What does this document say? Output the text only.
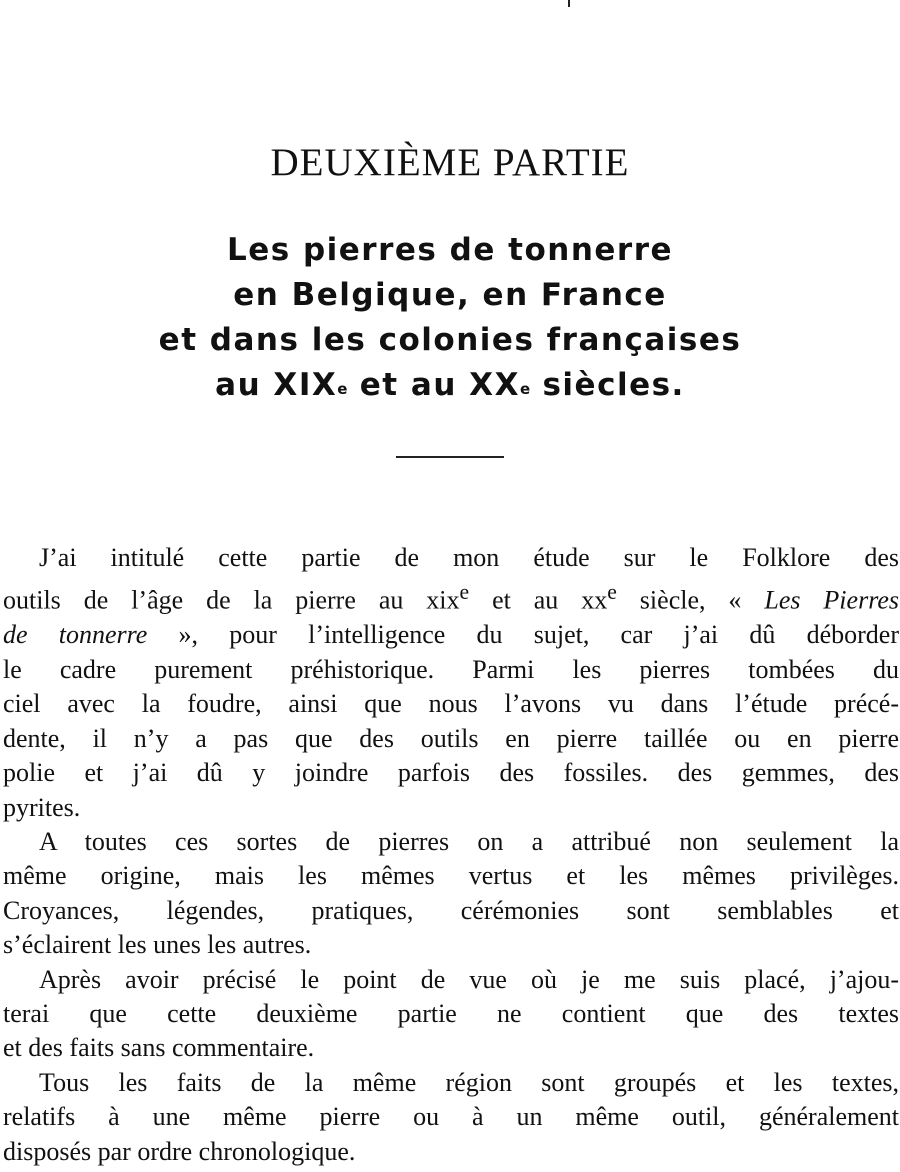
DEUXIÈME PARTIE
Les pierres de tonnerre
en Belgique, en France
et dans les colonies françaises
au XIXe et au XXe siècles.
J’ai intitulé cette partie de mon étude sur le Folklore des
outils de l’âge de la pierre au xix$^e$ et au $xx^e$ siècle, « Les Pierres
de tonnerre », pour l’intelligence du sujet, car j’ai dû déborder
le cadre purement préhistorique. Parmi les pierres tombées du
ciel avec la foudre, ainsi que nous l’avons vu dans l’étude précé-
dente, il n’y a pas que des outils en pierre taillée ou en pierre
polie et j’ai dû y joindre parfois des fossiles. des gemmes, des
pyrites.
A toutes ces sortes de pierres on a attribué non seulement la
même origine, mais les mêmes vertus et les mêmes privilèges.
Croyances, légendes, pratiques, cérémonies sont semblables et
s’éclairent les unes les autres.
Après avoir précisé le point de vue où je me suis placé, j’ajou-
terai que cette deuxième partie ne contient que des textes
et des faits sans commentaire.
Tous les faits de la même région sont groupés et les textes,
relatifs à une même pierre ou à un même outil, généralement
disposés par ordre chronologique.
